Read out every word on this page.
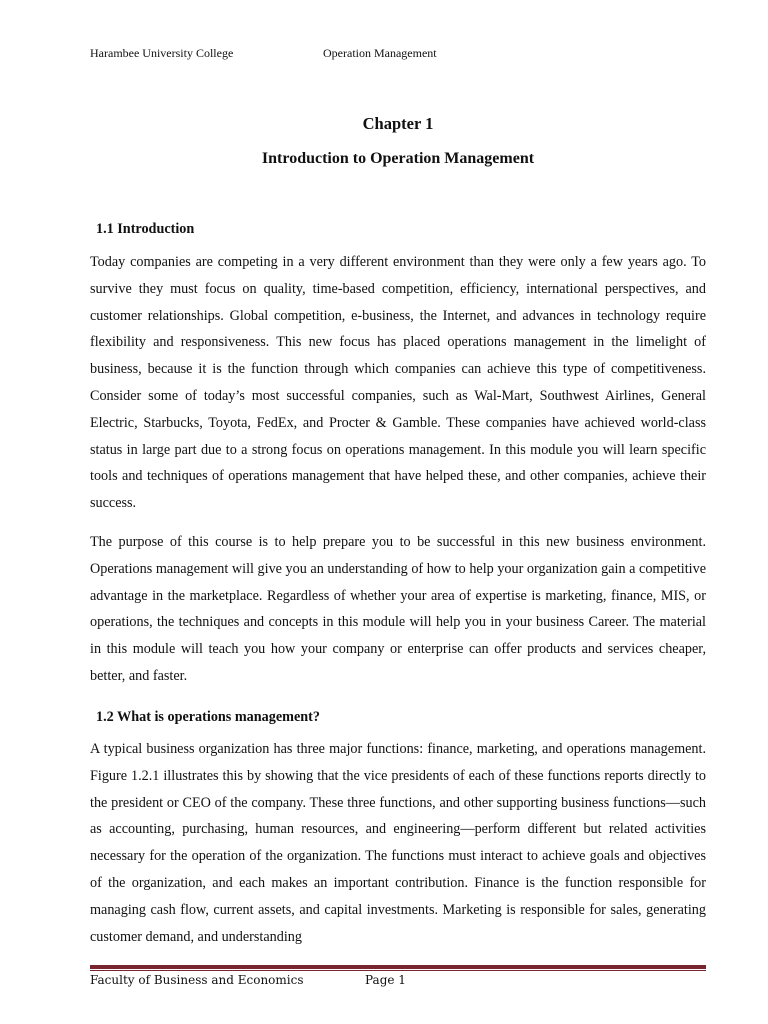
Harambee University College	Operation Management
Chapter 1
Introduction to Operation Management
1.1 Introduction

Today companies are competing in a very different environment than they were only a few years ago. To survive they must focus on quality, time-based competition, efficiency, international perspectives, and customer relationships. Global competition, e-business, the Internet, and advances in technology require flexibility and responsiveness. This new focus has placed operations management in the limelight of business, because it is the function through which companies can achieve this type of competitiveness. Consider some of today’s most successful companies, such as Wal-Mart, Southwest Airlines, General Electric, Starbucks, Toyota, FedEx, and Procter & Gamble. These companies have achieved world-class status in large part due to a strong focus on operations management. In this module you will learn specific tools and techniques of operations management that have helped these, and other companies, achieve their success.

The purpose of this course is to help prepare you to be successful in this new business environment. Operations management will give you an understanding of how to help your organization gain a competitive advantage in the marketplace. Regardless of whether your area of expertise is marketing, finance, MIS, or operations, the techniques and concepts in this module will help you in your business Career. The material in this module will teach you how your company or enterprise can offer products and services cheaper, better, and faster.

1.2 What is operations management?

A typical business organization has three major functions: finance, marketing, and operations management. Figure 1.2.1 illustrates this by showing that the vice presidents of each of these functions reports directly to the president or CEO of the company. These three functions, and other supporting business functions—such as accounting, purchasing, human resources, and engineering—perform different but related activities necessary for the operation of the organization. The functions must interact to achieve goals and objectives of the organization, and each makes an important contribution. Finance is the function responsible for managing cash flow, current assets, and capital investments. Marketing is responsible for sales, generating customer demand, and understanding

Faculty of Business and Economics	Page 1
